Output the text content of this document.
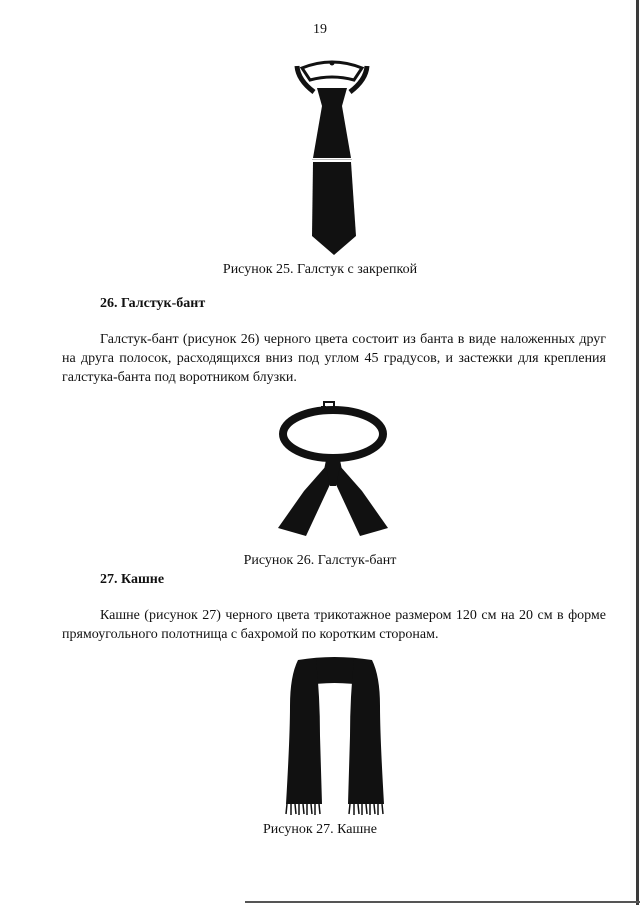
19
Рисунок 25. Галстук с закрепкой
26. Галстук-бант

Галстук-бант (рисунок 26) черного цвета состоит из банта в виде наложенных друг на друга полосок, расходящихся вниз под углом 45 градусов, и застежки для крепления галстука-банта под воротником блузки.

Рисунок 26. Галстук-бант
27. Кашне

Кашне (рисунок 27) черного цвета трикотажное размером 120 см на 20 см в форме прямоугольного полотнища с бахромой по коротким сторонам.

Рисунок 27. Кашне
